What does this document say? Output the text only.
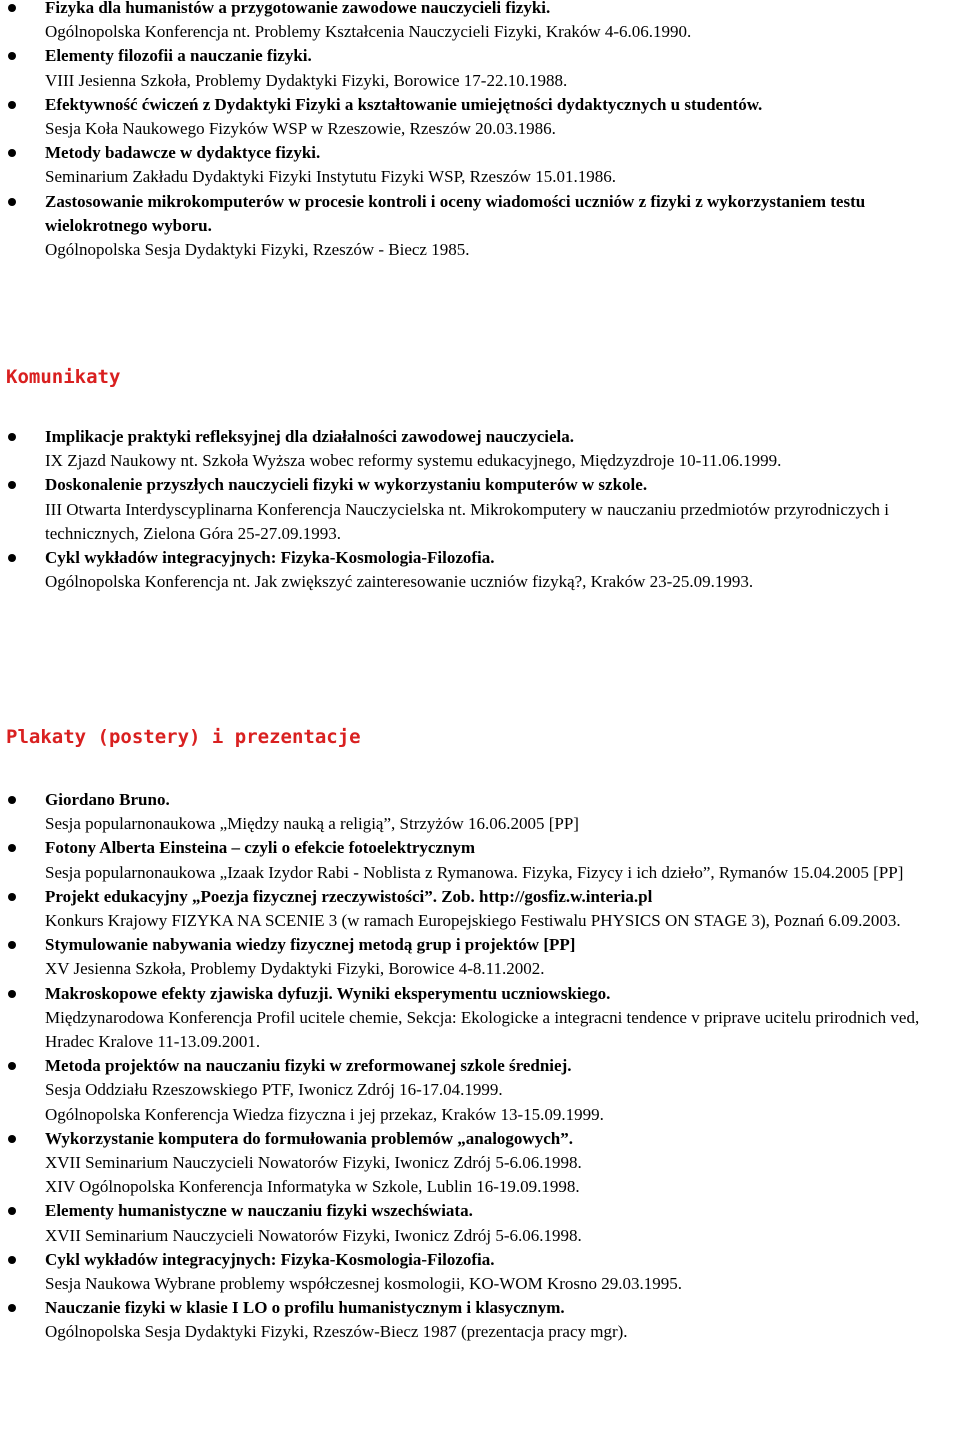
Fizyka dla humanistów a przygotowanie zawodowe nauczycieli fizyki.
Ogólnopolska Konferencja nt. Problemy Kształcenia Nauczycieli Fizyki, Kraków 4-6.06.1990.
Elementy filozofii a nauczanie fizyki.
VIII Jesienna Szkoła, Problemy Dydaktyki Fizyki, Borowice 17-22.10.1988.
Efektywność ćwiczeń z Dydaktyki Fizyki a kształtowanie umiejętności dydaktycznych u studentów.
Sesja Koła Naukowego Fizyków WSP w Rzeszowie, Rzeszów 20.03.1986.
Metody badawcze w dydaktyce fizyki.
Seminarium Zakładu Dydaktyki Fizyki Instytutu Fizyki WSP, Rzeszów 15.01.1986.
Zastosowanie mikrokomputerów w procesie kontroli i oceny wiadomości uczniów z fizyki z wykorzystaniem testu wielokrotnego wyboru.
Ogólnopolska Sesja Dydaktyki Fizyki, Rzeszów - Biecz 1985.
Komunikaty
Implikacje praktyki refleksyjnej dla działalności zawodowej nauczyciela.
IX Zjazd Naukowy nt. Szkoła Wyższa wobec reformy systemu edukacyjnego, Międzyzdroje 10-11.06.1999.
Doskonalenie przyszłych nauczycieli fizyki w wykorzystaniu komputerów w szkole.
III Otwarta Interdyscyplinarna Konferencja Nauczycielska nt. Mikrokomputery w nauczaniu przedmiotów przyrodniczych i technicznych, Zielona Góra 25-27.09.1993.
Cykl wykładów integracyjnych: Fizyka-Kosmologia-Filozofia.
Ogólnopolska Konferencja nt. Jak zwiększyć zainteresowanie uczniów fizyką?, Kraków 23-25.09.1993.
Plakaty (postery) i prezentacje
Giordano Bruno.
Sesja popularnonaukowa „Między nauką a religią”, Strzyżów 16.06.2005 [PP]
Fotony Alberta Einsteina – czyli o efekcie fotoelektrycznym
Sesja popularnonaukowa „Izaak Izydor Rabi - Noblista z Rymanowa. Fizyka, Fizycy i ich dzieło”, Rymanów 15.04.2005 [PP]
Projekt edukacyjny „Poezja fizycznej rzeczywistości”. Zob. http://gosfiz.w.interia.pl
Konkurs Krajowy FIZYKA NA SCENIE 3 (w ramach Europejskiego Festiwalu PHYSICS ON STAGE 3), Poznań 6.09.2003.
Stymulowanie nabywania wiedzy fizycznej metodą grup i projektów [PP]
XV Jesienna Szkoła, Problemy Dydaktyki Fizyki, Borowice 4-8.11.2002.
Makroskopowe efekty zjawiska dyfuzji. Wyniki eksperymentu uczniowskiego.
Międzynarodowa Konferencja Profil ucitele chemie, Sekcja: Ekologicke a integracni tendence v priprave ucitelu prirodnich ved, Hradec Kralove 11-13.09.2001.
Metoda projektów na nauczaniu fizyki w zreformowanej szkole średniej.
Sesja Oddziału Rzeszowskiego PTF, Iwonicz Zdrój 16-17.04.1999.
Ogólnopolska Konferencja Wiedza fizyczna i jej przekaz, Kraków 13-15.09.1999.
Wykorzystanie komputera do formułowania problemów „analogowych”.
XVII Seminarium Nauczycieli Nowatorów Fizyki, Iwonicz Zdrój 5-6.06.1998.
XIV Ogólnopolska Konferencja Informatyka w Szkole, Lublin 16-19.09.1998.
Elementy humanistyczne w nauczaniu fizyki wszechświata.
XVII Seminarium Nauczycieli Nowatorów Fizyki, Iwonicz Zdrój 5-6.06.1998.
Cykl wykładów integracyjnych: Fizyka-Kosmologia-Filozofia.
Sesja Naukowa Wybrane problemy współczesnej kosmologii, KO-WOM Krosno 29.03.1995.
Nauczanie fizyki w klasie I LO o profilu humanistycznym i klasycznym.
Ogólnopolska Sesja Dydaktyki Fizyki, Rzeszów-Biecz 1987 (prezentacja pracy mgr).
